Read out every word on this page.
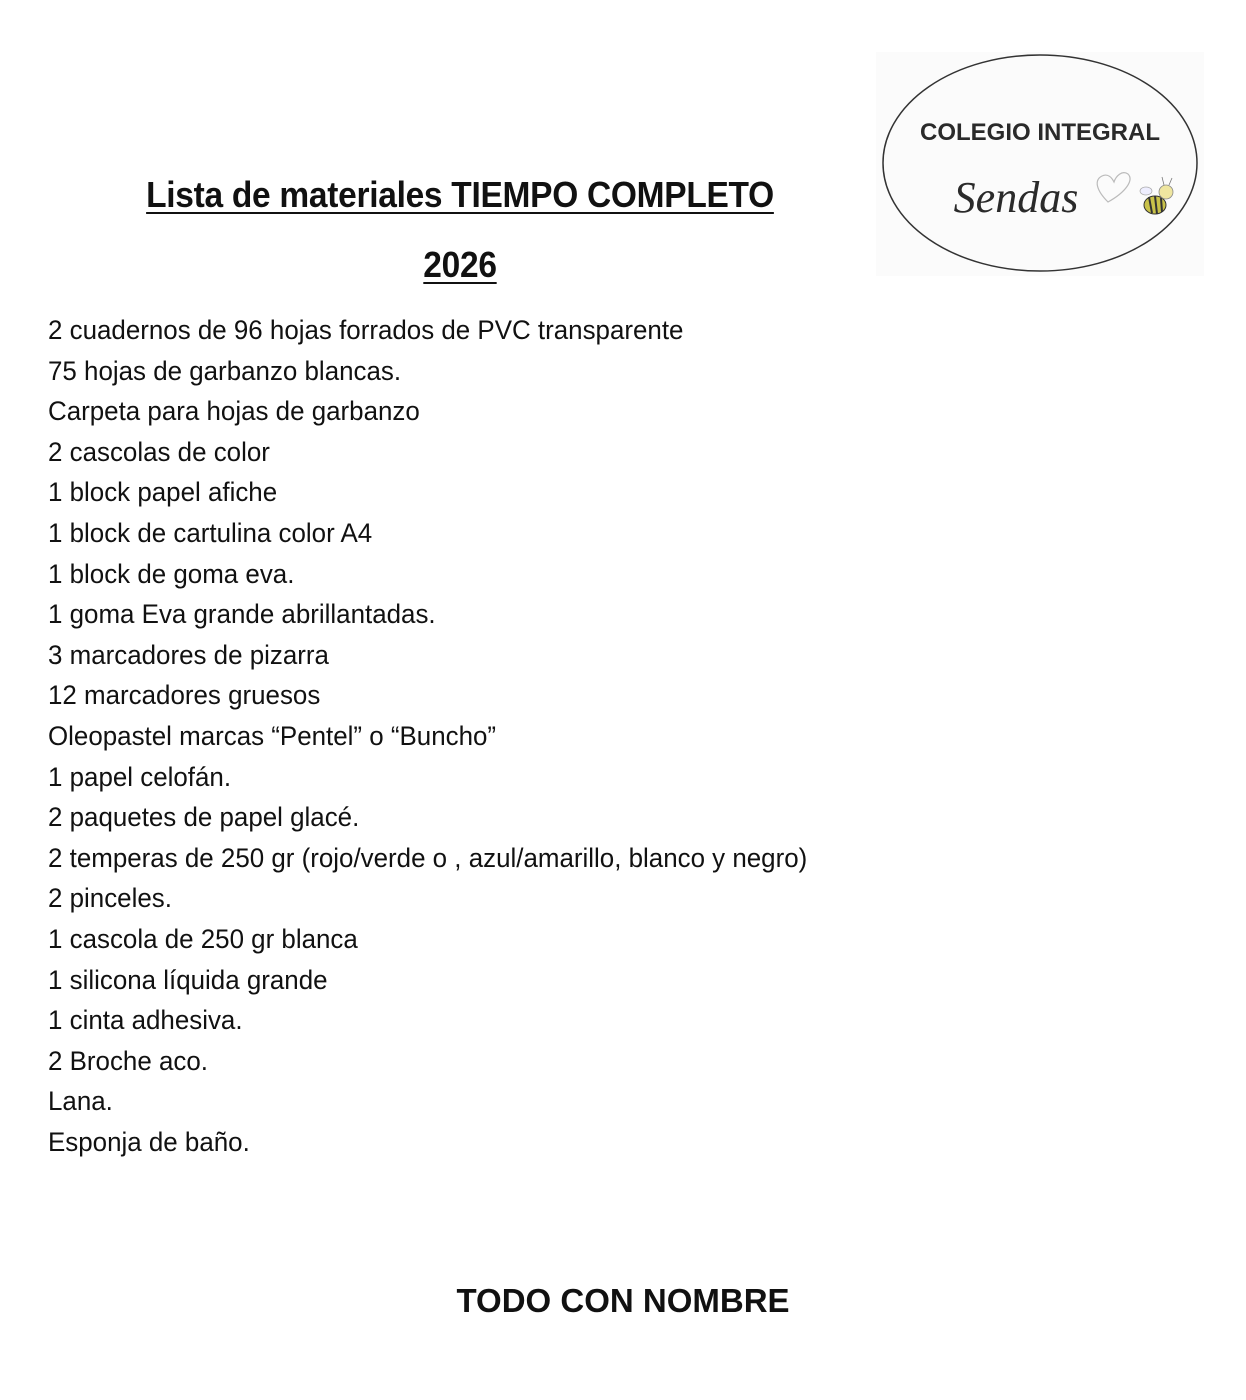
Lista de materiales TIEMPO COMPLETO
2026
COLEGIO INTEGRAL
Sendas
2 cuadernos de 96 hojas forrados de PVC transparente
75 hojas de garbanzo blancas.
Carpeta para hojas de garbanzo
2 cascolas de color
1 block papel afiche
1 block de cartulina color A4
1 block de goma eva.
1 goma Eva grande abrillantadas.
3 marcadores de pizarra
12 marcadores gruesos
Oleopastel marcas “Pentel” o “Buncho”
1 papel celofán.
2 paquetes de papel glacé.
2 temperas de 250 gr (rojo/verde o , azul/amarillo, blanco y negro)
2 pinceles.
1 cascola de 250 gr blanca
1 silicona líquida grande
1 cinta adhesiva.
2 Broche aco.
Lana.
Esponja de baño.
TODO CON NOMBRE
